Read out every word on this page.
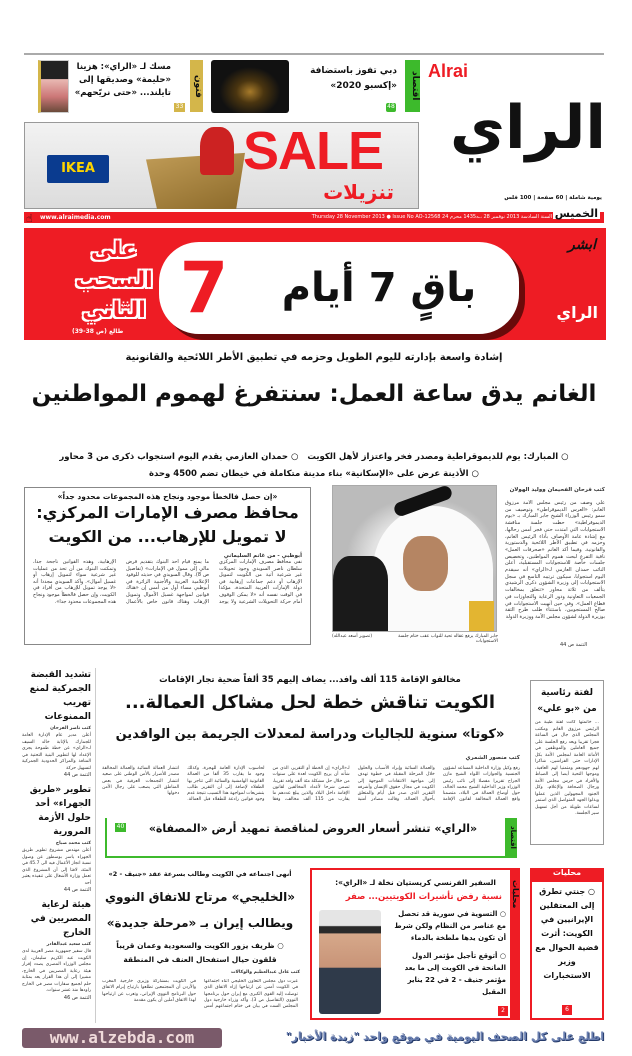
Alrai
الراي
يومية شاملة | 60 صفحة | 100 فلس
اقتصاد
دبي تفوز باستضافة «إكسبو 2020»
48
فنون
33
مسك لـ «الراي»: هزينا «حليمة» وصديقها إلى تايلند... «حتى نريّحهم»
IKEA	SALE
تنزيلات
www.alraimedia.com	Thursday 28 November 2013 ● Issue No AO-12568 السنة السادسة 2013 نوفمبر 28 ،ـه1435 محرم 24 الخميس
☝
ابشر
الراي
7	باقٍ 7 أيام
على السحب الثاني
طالع (ص 38-39)
إشادة واسعة بإدارته لليوم الطويل وحزمه في تطبيق الأطر اللائحية والقانونية
الغانم يدق ساعة العمل: سنتفرغ لهموم المواطنين
○ المبارك: يوم للديموقراطية ومصدر فخر واعتزاز لأهل الكويت   ○ حمدان العازمي يقدم اليوم استجواب ذكرى من 3 محاور
○ الأذينة عرض على «الإسكانية» بناء مدينة متكاملة في خيطان تضم 4500 وحدة
«إن حصل فالخطأ موجود ونجاح هذه المجموعات محدود جداً»
محافظ مصرف الإمارات المركزي:
لا تمويل للإرهاب... من الكويت
أبوظبي - من غانم السليماني
نفى محافظ مصرف الإمارات المركزي سلطان ناصر السويدي وجود تحويلات غير شرعية آتية من الكويت لتمويل الإرهاب أو دعم جماعات إرهابية في دولة الإمارات العربية المتحدة، مؤكدا في الوقت نفسه أنه «لا يمكن الوقوف أمام حركة التحويلات الشرعية ولا يوجد ما يمنع قيام أحد البنوك بتقديم قرض مالي إلى ممول في الإمارات» (تفاصيل ص 8). وقال السويدي في حديثه للوفود الإعلامية العربية والأجنبية الزائرة في أبوظبي مساء أول من أمس إن «هناك قوانين لمواجهة غسيل الأموال وتمويل الإرهاب وهناك قانون خاص بالأعمال الإرهابية، وهذه القوانين ناجحة جدا، وتمكنت البنوك من أن تحد من عمليات غير شرعية سواء لتمويل إرهاب أو غسيل أموال». وأكد السويدي مجددا أنه «لا يوجد تمويل للإرهاب من أفراد في الكويت، وإن حصل فالخطأ موجود ونجاح هذه المجموعات محدود جدا».
جابر المبارك يرفع عقاله تحية للنواب عقب ختام جلسة الاستجوابات
(تصوير أسعد عبدالله)
كتب فرحان الفحيمان ووليد الهولان
على وصف من رئيس مجلس الأمة مرزوق الغانم: «العرس الديموقراطي» وتوصيف من سمو رئيس الوزراء الشيخ جابر المبارك بـ «يوم الديموقراطية» حطت جلسة مناقشة الاستجوابات التي امتدت حتى فجر أمس رحالها، مع إشادة عامة الأوصاف بأداء الرئيس الغانم، وحزمه في تطبيق الأطر اللائحية والدستورية والقانونية. وفيما أكد الغانم «صحرفات العمل» نافية التفرغ لبحث هموم المواطنين، وتخصيص جلسات خاصة للاستجوابات المستقبلية، أعلن النائب حمدان العازمي لـ«الراي» أنه سيقدم اليوم استجوابا، سيكون ترتيبه التاسع في سجل الاستجوابات إلى وزيرة الشؤون ذكرى الرشيدي يتألف من ثلاثة محاور «تتعلق بمخالفات الجمعيات التعاونية ودور الرعاية والتجاوزات في قطاع العمل». وفي حين أنهيت الاستجوابات في صالح المستجوبين، باستثناء طلب طرح الثقة بوزيرة الدولة لشؤون مجلس الأمة ووزيرة الدولة
التتمة ص 44
تشديد القبضة الجمركية لمنع تهريب الممنوعات
كتب ناصر الفرحان
أعلن مدير عام الإدارة العامة للجمارك بالإنابة خالد السيف لـ«الراي» عن خطة طموحة يجري الإعداد لها لتطوير البنية التحتية في المنافذ والمراكز الحدودية الجمركية لتسهيل حركة
التتمة ص 44
تطوير «طريق الجهراء» أحد حلول الأزمة المرورية
كتب محمد صباح
أعلن مهندس مشروع تطوير طريق الجهراء ياسر بوسطور عن وصول نسبة انجاز الأعمال فيه الى 45.7 في المئة، لافتا إلى أن المشروع الذي تعمل وزارة الأشغال على تنفيذه يعتبر أحد
التتمة ص 44
هيئة لرعاية المصريين في الخارج
كتب سعيد عبدالقادر
قال سفير جمهورية مصر العربية لدى الكويت عبد الكريم سليمان، إن مجلس الوزراء المصري يصدد إقرار هيئة رعاية المصريين في الخارج، مشيرا إلى أن هذا القرار يعد بمثابة حلم لجميع سفارات مصر في الخارج راودها منذ عشر سنوات.
التتمة ص 46
مخالفو الإقامة 115 ألف وافد... يضاف إليهم 35 ألفاً ضحية تجار الإقامات
الكويت تناقش خطة لحل مشاكل العمالة...
«كوتا» سنوية للجاليات ودراسة لمعدلات الجريمة بين الوافدين
كتب منصور الشمري
رفع وكيل وزارة الداخلية المساعد لشؤون الجنسية والجوازات اللواء الشيخ مازن الجراح تقريرا مفصلا إلى نائب رئيس الوزراء وزير الداخلية الشيخ محمد الخالد، حول أوضاع العمالة في البلاد، متضمنا واقع العمالة المخالفة لقانون الإقامة والعمالة السائبة وإيراد الأسباب والحلول خلال المرحلة المقبلة في خطوة تهدف إلى مواجهة الانتقادات الموجهة إلى الكويت في مجال حقوق الإنسان وأشرفه التقرير الذي صدر قبل أيام والمتعلق بأحوال العمالة. وقالت مصادر أمنية لـ«الراي» إن الخطة أو التقرير، الذي من شأنه أن يريح الكويت لعدة على سنوات من خلال حل مشكلة مئة ألف وافد تقريبا، تضمن شرحا لأعداد المخالفين لقانون الإقامة داخل البلاد والذين يبلغ عددهم ما يقارب من 115 ألف مخالف، وفقا لحاسوب الإدارة العامة للهجرة، وكذلك وجود ما يقارب 35 ألفا من العمالة القانونية الهامشية والسائبة التي تتاجر بها الطفلاء لإضافة إلى أن التقرير طالب بتشريعات لمواجهة هذا التسيب نتيجة عدم وجود قوانين رادعة للطفلاء قبل العمالة. انتشار العمالة السائبة والعمالة المخالفة مصدر للأضرار بالأمن الوطني على صعيد انتشار التجمعات العرقية في بعض المناطق التي يصعب على رجال الأمن دخولها
اقتصاد
«الراي» تنشر أسعار العروض لمناقصة تمهيد أرض «المصفاة»
40
لفتة رئاسية من «بو علي»
... خاتمتها كانت لفتة طيبة من الرئيس مرزوق الغانم ومكتب المجلس الذي جال في الساعة فجرا تقريبا وبعد رفع الجلسة على جميع العاملين والموظفين في الأمانة العامة لمجلس الأمة بكل الإدارات حتى الفراشين، شاكرا لهم جهودهم ومتمنيا لهم العافية، وموجها التحية أيضا إلى الضباط والأفراد في حرس مجلس الأمة ورجال الصحافة والإعلام، وكل الجنود المجهولين الذين عملوا وبذلوا الجهد المتواصل الذي استمر لساعات طويلة من أجل تسهيل سير الجلسة.
أنهى اجتماعه في الكويت وطالب بسرعة عقد «جنيف - 2»
«الخليجي» مرتاح للاتفاق النووي
ويطالب إيران بـ «مرحلة جديدة»
○ ظريف يزور الكويت والسعودية وعمان قريباً
قلقون حيال استفحال العنف في المنطقة
كتب عادل عبدالعظيم والوكالات
عبرت دول مجلس التعاون الخليجي أثناء اجتماعها في الكويت أمس عن ارتياحها إزاء الاتفاق الذي توصلت إليه القوى الكبرى مع إيران حول برنامجها النووي (التفاصيل ص 3). وأكد وزراء خارجية دول المجلس الست في بيان في ختام اجتماعهم أمس في الكويت بمشاركة وزيري خارجية المغرب والأردن أن المجتمعين تطلعوا بارتياح إبرام الاتفاق حول البرنامج النووي الإيراني، وتعرب عن ارتياحها لهذا الاتفاق آملين أن يكون مقدمة
محليات
السفير الفرنسي كريستيان نخلة لـ «الراي»:
نسبة رفض تأشيرات الكويتيين... صفر
○ التسوية في سورية قد تحصل مع عناصر من النظام ولكن شرط أن تكون يدها ملطخة بالدماء
○ أتوقع تأجيل مؤتمر الدول المانحة في الكويت إلى ما بعد مؤتمر جنيف - 2 في 22 يناير المقبل
2
محليات
○ جنتي تطرق إلى المعتقلين الإيرانيين في الكويت: أثرت قضية الحوال مع وزير الاستخبارات
6
www.alzebda.com	اطلع على كل الصحف اليومية في موقع واحد "زبدة الأخبار"
